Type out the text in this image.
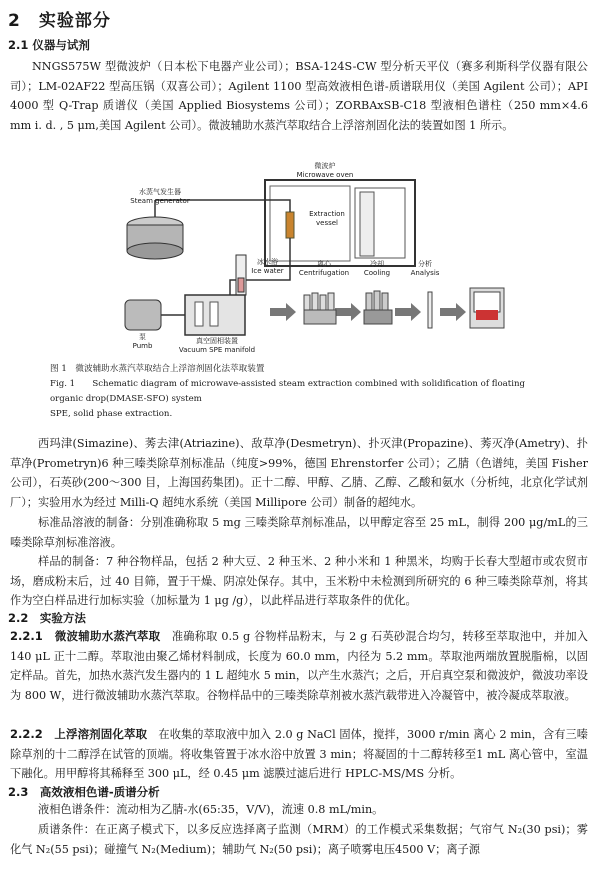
2　 实验部分
2.1 仪器与试剂
NNGS575W 型微波炉（日本松下电器产业公司）；BSA-124S-CW 型分析天平仪（赛多利斯科学仪器有限公司）；LM-02AF22 型高压锅（双喜公司）；Agilent 1100 型高效液相色谱-质谱联用仪（美国 Agilent 公司）；API 4000 型 Q-Trap 质谱仪（美国 Applied Biosystems 公司）；ZORBAxSB-C18 型液相色谱柱（250 mm×4.6 mm i. d. , 5 μm,美国 Agilent 公司）。微波辅助水蒸汽萃取结合上浮溶剂固化法的装置如图 1 所示。
水蒸气发生器
Steam generator
微波炉
Microwave oven
Extraction
vessel
冰水浴
Ice water
离心
Centrifugation
冷却
Cooling
分析
Analysis
泵
Pumb
真空固相装置
Vacuum SPE manifold
图 1　微波辅助水蒸汽萃取结合上浮溶剂固化法萃取装置
Fig. 1　　Schematic diagram of microwave-assisted steam extraction combined with solidification of floating
organic drop(DMASE-SFO) system
SPE, solid phase extraction.
西玛津(Simazine)、莠去津(Atriazine)、敌草净(Desmetryn)、扑灭津(Propazine)、莠灭净(Ametry)、扑草净(Prometryn)6 种三嗪类除草剂标准品（纯度>99%，德国 Ehrenstorfer 公司）；乙腈（色谱纯，美国 Fisher 公司），石英砂(200～300 目，上海国药集团)。正十二醇、甲醇、乙腈、乙醇、乙酸和氨水（分析纯，北京化学试剂厂）；实验用水为经过 Milli-Q 超纯水系统（美国 Millipore 公司）制备的超纯水。
标准品溶液的制备：分别准确称取 5 mg 三嗪类除草剂标准品，以甲醇定容至 25 mL，制得 200 μg/mL的三嗪类除草剂标准溶液。
样品的制备：7 种谷物样品，包括 2 种大豆、2 种玉米、2 种小米和 1 种黑米，均购于长春大型超市或农贸市场，磨成粉末后，过 40 目筛，置于干燥、阴凉处保存。其中，玉米粉中未检测到所研究的 6 种三嗪类除草剂，将其作为空白样品进行加标实验（加标量为 1 μg /g），以此样品进行萃取条件的优化。
2.2　实验方法
2.2.1　微波辅助水蒸汽萃取　 准确称取 0.5 g 谷物样品粉末，与 2 g 石英砂混合均匀，转移至萃取池中，并加入 140 μL 正十二醇。萃取池由聚乙烯材料制成，长度为 60.0 mm，内径为 5.2 mm。萃取池两端放置脱脂棉，以固定样品。首先，加热水蒸汽发生器内的 1 L 超纯水 5 min，以产生水蒸汽；之后，开启真空泵和微波炉，微波功率设为 800 W，进行微波辅助水蒸汽萃取。谷物样品中的三嗪类除草剂被水蒸汽载带进入冷凝管中，被冷凝成萃取液。
2.2.2　上浮溶剂固化萃取　 在收集的萃取液中加入 2.0 g NaCl 固体，搅拌，3000 r/min 离心 2 min，含有三嗪除草剂的十二醇浮在试管的顶端。将收集管置于冰水浴中放置 3 min；将凝固的十二醇转移至1 mL 离心管中，室温下融化。用甲醇将其稀释至 300 μL，经 0.45 μm 滤膜过滤后进行 HPLC-MS/MS 分析。
2.3　高效液相色谱-质谱分析
液相色谱条件：流动相为乙腈-水(65:35，V/V)，流速 0.8 mL/min。
质谱条件：在正离子模式下，以多反应选择离子监测（MRM）的工作模式采集数据；气帘气 N₂(30 psi)；雾化气 N₂(55 psi)；碰撞气 N₂(Medium)；辅助气 N₂(50 psi)；离子喷雾电压4500 V；离子源
